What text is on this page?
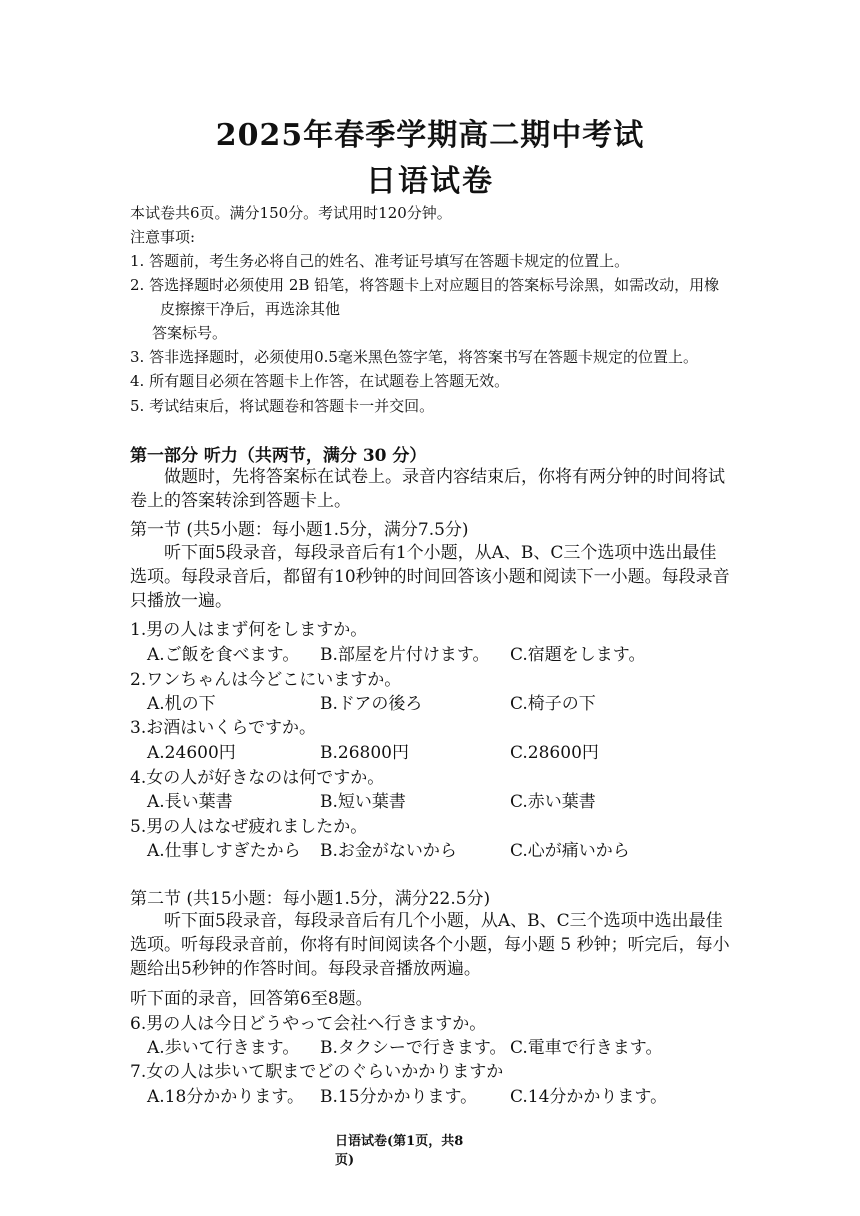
2025年春季学期高二期中考试
日语试卷
本试卷共6页。满分150分。考试用时120分钟。
注意事项:
1. 答题前，考生务必将自己的姓名、准考证号填写在答题卡规定的位置上。
2. 答选择题时必须使用 2B 铅笔，将答题卡上对应题目的答案标号涂黑，如需改动，用橡
皮擦擦干净后，再选涂其他
答案标号。
3. 答非选择题时，必须使用0.5毫米黑色签字笔，将答案书写在答题卡规定的位置上。
4. 所有题目必须在答题卡上作答，在试题卷上答题无效。
5. 考试结束后，将试题卷和答题卡一并交回。
第一部分 听力（共两节，满分 30 分）
做题时，先将答案标在试卷上。录音内容结束后，你将有两分钟的时间将试卷上的答案转涂到答题卡上。
第一节 (共5小题：每小题1.5分，满分7.5分)
听下面5段录音，每段录音后有1个小题，从A、B、C三个选项中选出最佳选项。每段录音后，都留有10秒钟的时间回答该小题和阅读下一小题。每段录音只播放一遍。
1.男の人はまず何をしますか。
A.ご飯を食べます。 B.部屋を片付けます。 C.宿題をします。
2.ワンちゃんは今どこにいますか。
A.机の下	B.ドアの後ろ	C.椅子の下
3.お酒はいくらですか。
A.24600円	B.26800円	C.28600円
4.女の人が好きなのは何ですか。
A.長い葉書	B.短い葉書	C.赤い葉書
5.男の人はなぜ疲れましたか。
A.仕事しすぎたから B.お金がないから	C.心が痛いから
第二节 (共15小题：每小题1.5分，满分22.5分)
听下面5段录音，每段录音后有几个小题，从A、B、C三个选项中选出最佳选项。听每段录音前，你将有时间阅读各个小题，每小题 5 秒钟；听完后，每小题给出5秒钟的作答时间。每段录音播放两遍。
听下面的录音，回答第6至8题。
6.男の人は今日どうやって会社へ行きますか。
A.歩いて行きます。 B.タクシーで行きます。 C.電車で行きます。
7.女の人は歩いて駅までどのぐらいかかりますか
A.18分かかります。 B.15分かかります。 C.14分かかります。
日语试卷(第1页，共8
页)
